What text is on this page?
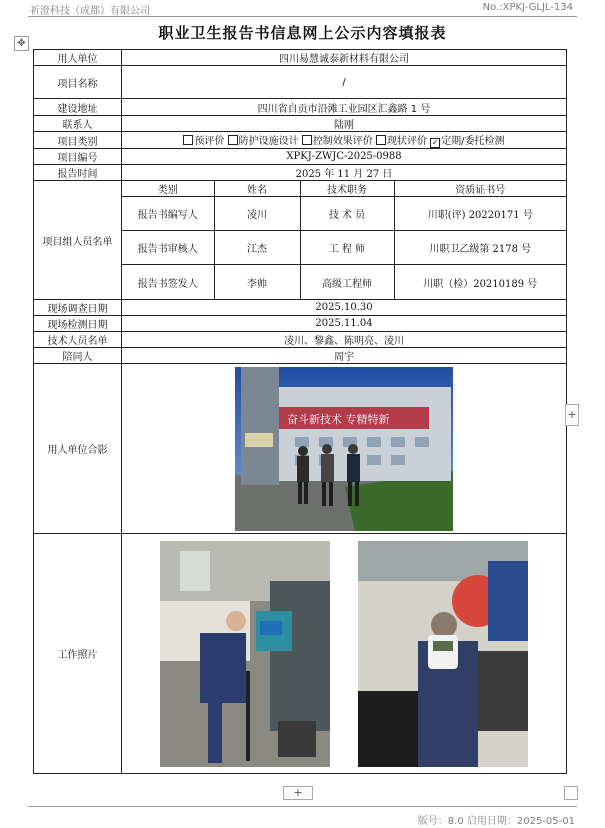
祈澄科技（成都）有限公司	No.:XPKJ-GLJL-134
✥
职业卫生报告书信息网上公示内容填报表
用人单位	四川易慧诚泰新材料有限公司
项目名称	/
建设地址	四川省自贡市沿滩工业园区汇鑫路 1 号
联系人	陆刚
项目类别	预评价 防护设施设计 控制效果评价 现状评价 ✓ 定期/委托检测
项目编号	XPKJ-ZWJC-2025-0988
报告时间	2025 年 11 月 27 日
项目组人员名单	
类别	姓名	技术职务	资质证书号
报告书编写人	凌川	技 术 员	川职(评) 20220171 号
报告书审核人	江杰	工 程 师	川职卫乙级第 2178 号
报告书签发人	李帅	高级工程师	川职（检）20210189 号

现场调查日期	2025.10.30
现场检测日期	2025.11.04
技术人员名单	凌川、黎鑫、陈明亮、凌川
陪同人	周宇
用人单位合影	
奋斗新技术 专精特新

工作照片	
+
+
版号：8.0 启用日期：2025-05-01
